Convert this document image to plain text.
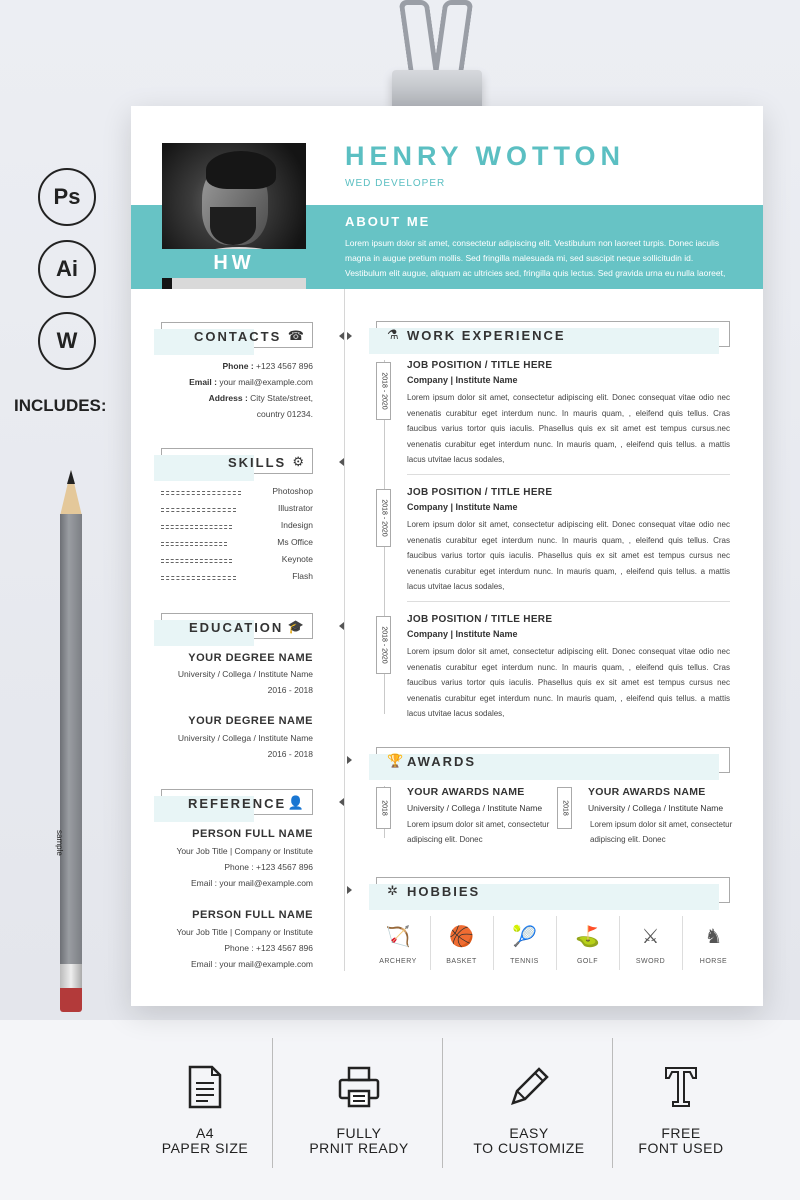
Ps
Ai
W
INCLUDES:
sample
HW
HENRY WOTTON
WED DEVELOPER
ABOUT ME
Lorem ipsum dolor sit amet, consectetur adipiscing elit. Vestibulum non laoreet turpis. Donec iaculis magna in augue pretium mollis. Sed fringilla malesuada mi, sed suscipit neque sollicitudin id. Vestibulum elit augue, aliquam ac ultricies sed, fringilla quis lectus. Sed gravida urna eu nulla laoreet,
CONTACTS ☎
Phone : +123 4567 896
Email : your mail@example.com
Address : City State/street,
country 01234.
SKILLS ⚙
Photoshop
Illustrator
Indesign
Ms Office
Keynote
Flash
EDUCATION 🎓
YOUR DEGREE NAME
University / Collega / Institute Name
2016 - 2018
YOUR DEGREE NAME
University / Collega / Institute Name
2016 - 2018
REFERENCE 👤
PERSON FULL NAME
Your Job Title | Company or Institute
Phone : +123 4567 896
Email : your mail@example.com
PERSON FULL NAME
Your Job Title | Company or Institute
Phone : +123 4567 896
Email : your mail@example.com
⚗ WORK EXPERIENCE
2018 - 2020
JOB POSITION / TITLE HERE
Company | Institute Name
Lorem ipsum dolor sit amet, consectetur adipiscing elit. Donec consequat vitae odio nec venenatis curabitur eget interdum nunc. In mauris quam, , eleifend quis tellus. Cras faucibus varius tortor quis iaculis. Phasellus quis ex sit amet est tempus cursus.nec venenatis curabitur eget interdum nunc. In mauris quam, , eleifend quis tellus. a mattis lacus utvitae lacus sodales,
2018 - 2020
JOB POSITION / TITLE HERE
Company | Institute Name
Lorem ipsum dolor sit amet, consectetur adipiscing elit. Donec consequat vitae odio nec venenatis curabitur eget interdum nunc. In mauris quam, , eleifend quis tellus. Cras faucibus varius tortor quis iaculis. Phasellus quis ex sit amet est tempus cursus nec venenatis curabitur eget interdum nunc. In mauris quam, , eleifend quis tellus. a mattis lacus utvitae lacus sodales,
2018 - 2020
JOB POSITION / TITLE HERE
Company | Institute Name
Lorem ipsum dolor sit amet, consectetur adipiscing elit. Donec consequat vitae odio nec venenatis curabitur eget interdum nunc. In mauris quam, , eleifend quis tellus. Cras faucibus varius tortor quis iaculis. Phasellus quis ex sit amet est tempus cursus nec venenatis curabitur eget interdum nunc. In mauris quam, , eleifend quis tellus. a mattis lacus utvitae lacus sodales,
🏆 AWARDS
2018
YOUR AWARDS NAME
University / Collega / Institute Name
Lorem ipsum dolor sit amet, consectetur adipiscing elit. Donec
2018
YOUR AWARDS NAME
University / Collega / Institute Name
Lorem ipsum dolor sit amet, consectetur adipiscing elit. Donec
✲ HOBBIES
🏹
ARCHERY
🏀
BASKET
🎾
TENNIS
⛳
GOLF
⚔
SWORD
♞
HORSE
A4
PAPER SIZE
FULLY
PRNIT READY
EASY
TO CUSTOMIZE
FREE
FONT USED
